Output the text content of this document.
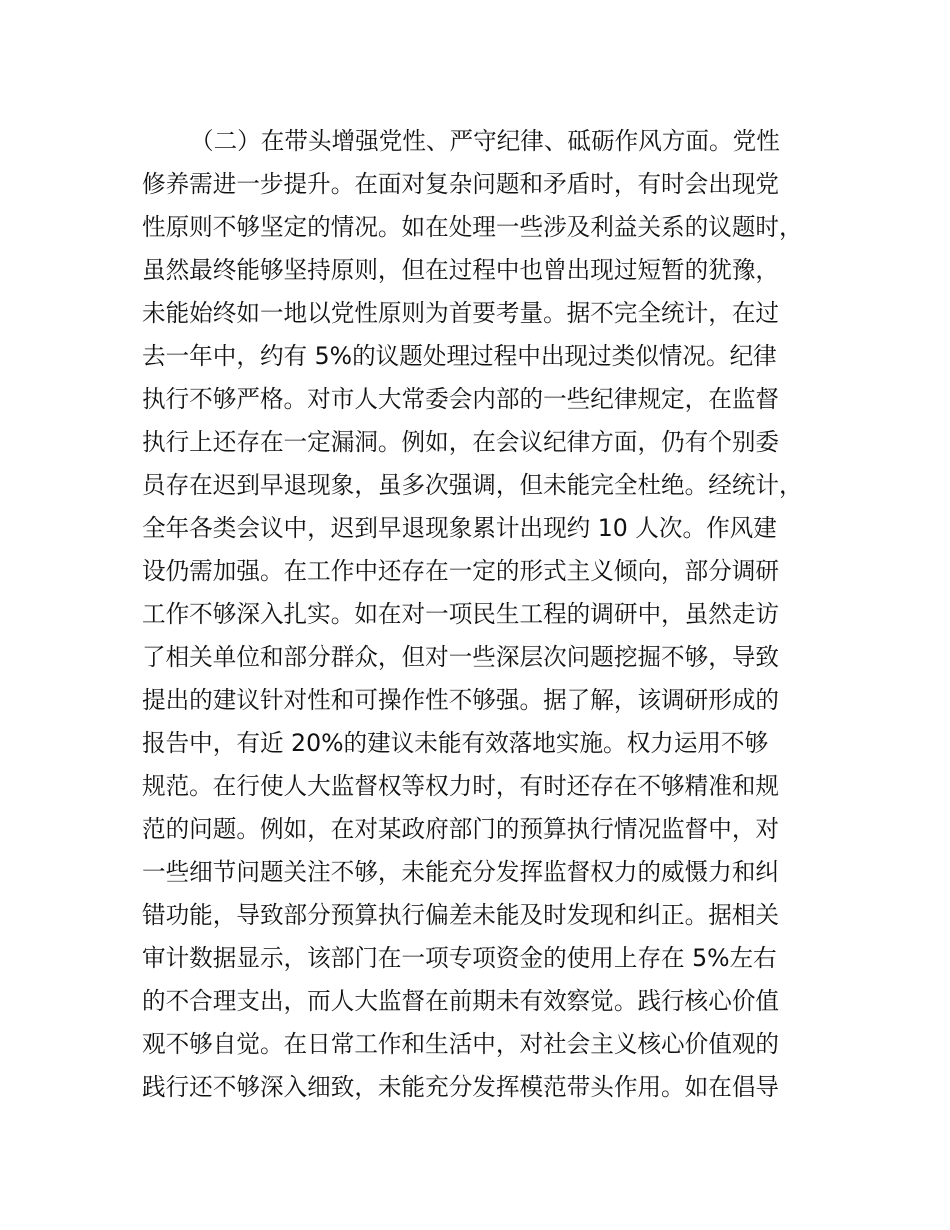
（二）在带头增强党性、严守纪律、砥砺作风方面。党性
修养需进一步提升。在面对复杂问题和矛盾时，有时会出现党
性原则不够坚定的情况。如在处理一些涉及利益关系的议题时，
虽然最终能够坚持原则，但在过程中也曾出现过短暂的犹豫，
未能始终如一地以党性原则为首要考量。据不完全统计，在过
去一年中，约有 5%的议题处理过程中出现过类似情况。纪律
执行不够严格。对市人大常委会内部的一些纪律规定，在监督
执行上还存在一定漏洞。例如，在会议纪律方面，仍有个别委
员存在迟到早退现象，虽多次强调，但未能完全杜绝。经统计，
全年各类会议中，迟到早退现象累计出现约 10 人次。作风建
设仍需加强。在工作中还存在一定的形式主义倾向，部分调研
工作不够深入扎实。如在对一项民生工程的调研中，虽然走访
了相关单位和部分群众，但对一些深层次问题挖掘不够，导致
提出的建议针对性和可操作性不够强。据了解，该调研形成的
报告中，有近 20%的建议未能有效落地实施。权力运用不够
规范。在行使人大监督权等权力时，有时还存在不够精准和规
范的问题。例如，在对某政府部门的预算执行情况监督中，对
一些细节问题关注不够，未能充分发挥监督权力的威慑力和纠
错功能，导致部分预算执行偏差未能及时发现和纠正。据相关
审计数据显示，该部门在一项专项资金的使用上存在 5%左右
的不合理支出，而人大监督在前期未有效察觉。践行核心价值
观不够自觉。在日常工作和生活中，对社会主义核心价值观的
践行还不够深入细致，未能充分发挥模范带头作用。如在倡导
